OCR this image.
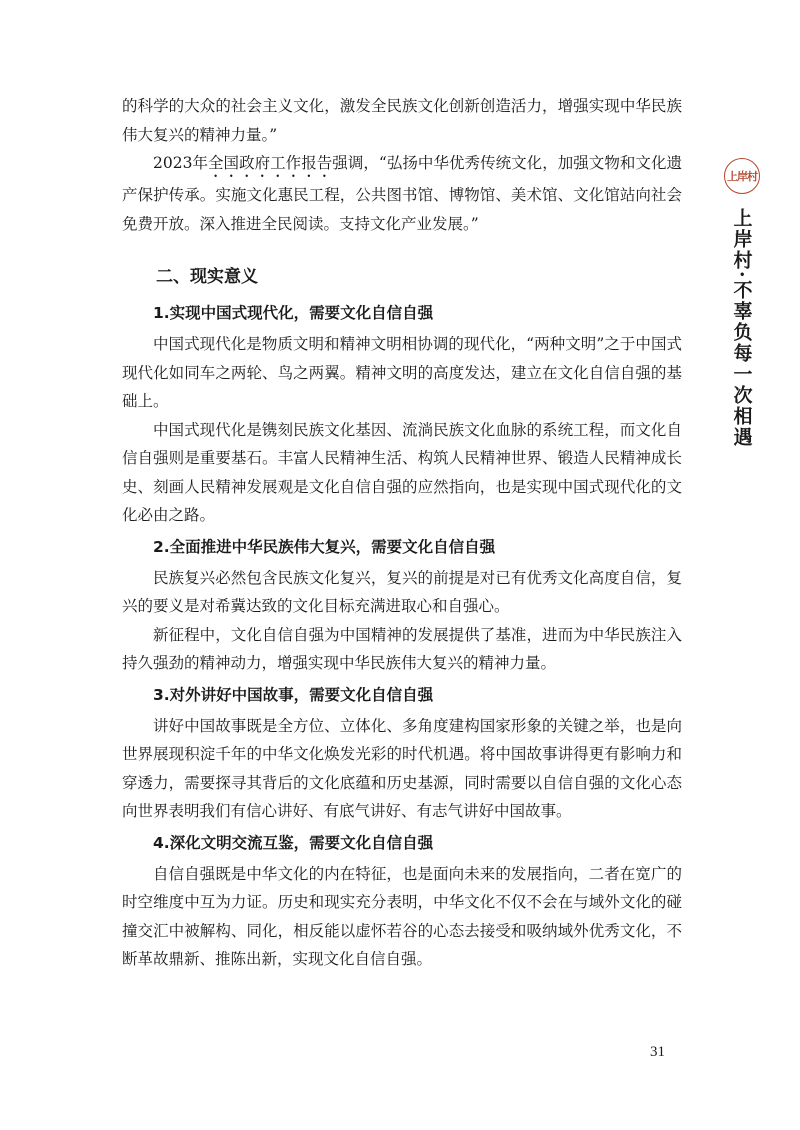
的科学的大众的社会主义文化，激发全民族文化创新创造活力，增强实现中华民族伟大复兴的精神力量。”

2023年全国政府工作报告强调，“弘扬中华优秀传统文化，加强文物和文化遗产保护传承。实施文化惠民工程，公共图书馆、博物馆、美术馆、文化馆站向社会免费开放。深入推进全民阅读。支持文化产业发展。”

二、现实意义
1.实现中国式现代化，需要文化自信自强

中国式现代化是物质文明和精神文明相协调的现代化，“两种文明”之于中国式现代化如同车之两轮、鸟之两翼。精神文明的高度发达，建立在文化自信自强的基础上。

中国式现代化是镌刻民族文化基因、流淌民族文化血脉的系统工程，而文化自信自强则是重要基石。丰富人民精神生活、构筑人民精神世界、锻造人民精神成长史、刻画人民精神发展观是文化自信自强的应然指向，也是实现中国式现代化的文化必由之路。

2.全面推进中华民族伟大复兴，需要文化自信自强

民族复兴必然包含民族文化复兴，复兴的前提是对已有优秀文化高度自信，复兴的要义是对希冀达致的文化目标充满进取心和自强心。

新征程中，文化自信自强为中国精神的发展提供了基准，进而为中华民族注入持久强劲的精神动力，增强实现中华民族伟大复兴的精神力量。

3.对外讲好中国故事，需要文化自信自强

讲好中国故事既是全方位、立体化、多角度建构国家形象的关键之举，也是向世界展现积淀千年的中华文化焕发光彩的时代机遇。将中国故事讲得更有影响力和穿透力，需要探寻其背后的文化底蕴和历史基源，同时需要以自信自强的文化心态向世界表明我们有信心讲好、有底气讲好、有志气讲好中国故事。

4.深化文明交流互鉴，需要文化自信自强

自信自强既是中华文化的内在特征，也是面向未来的发展指向，二者在宽广的时空维度中互为力证。历史和现实充分表明，中华文化不仅不会在与域外文化的碰撞交汇中被解构、同化，相反能以虚怀若谷的心态去接受和吸纳域外优秀文化，不断革故鼎新、推陈出新，实现文化自信自强。

上岸村
上岸村·不辜负每一次相遇
31
